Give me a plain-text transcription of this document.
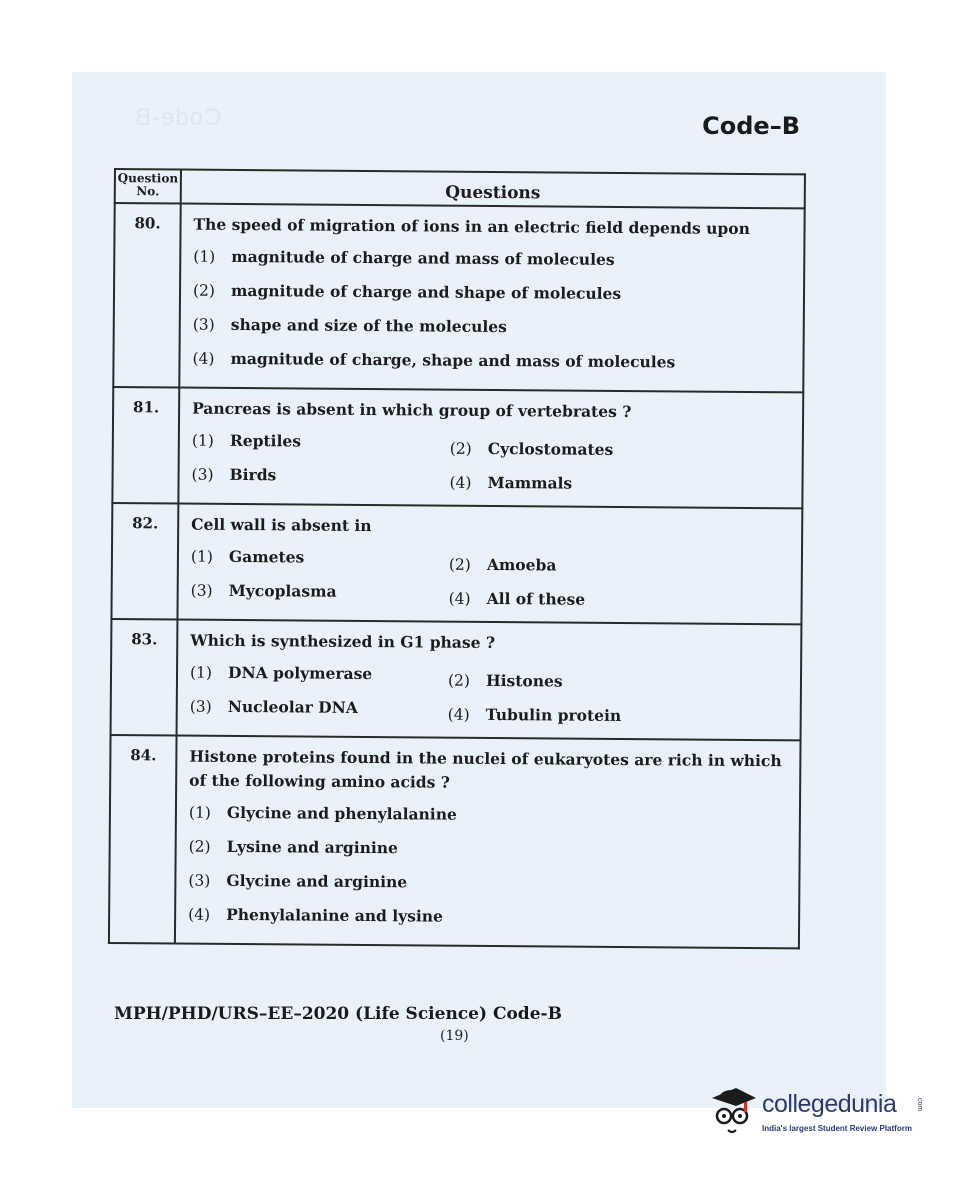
Code-B	Code–B
Question
No.	Questions
80.	The speed of migration of ions in an electric field depends upon
(1) magnitude of charge and mass of molecules
(2) magnitude of charge and shape of molecules
(3) shape and size of the molecules
(4) magnitude of charge, shape and mass of molecules

81.	Pancreas is absent in which group of vertebrates ?
(1) Reptiles (2) Cyclostomates
(3) Birds (4) Mammals

82.	Cell wall is absent in
(1) Gametes (2) Amoeba
(3) Mycoplasma (4) All of these

83.	Which is synthesized in G1 phase ?
(1) DNA polymerase (2) Histones
(3) Nucleolar DNA (4) Tubulin protein

84.	Histone proteins found in the nuclei of eukaryotes are rich in which of the following amino acids ?
(1) Glycine and phenylalanine
(2) Lysine and arginine
(3) Glycine and arginine
(4) Phenylalanine and lysine
MPH/PHD/URS–EE–2020 (Life Science) Code-B
(19)
collegedunia	.com
India's largest Student Review Platform
